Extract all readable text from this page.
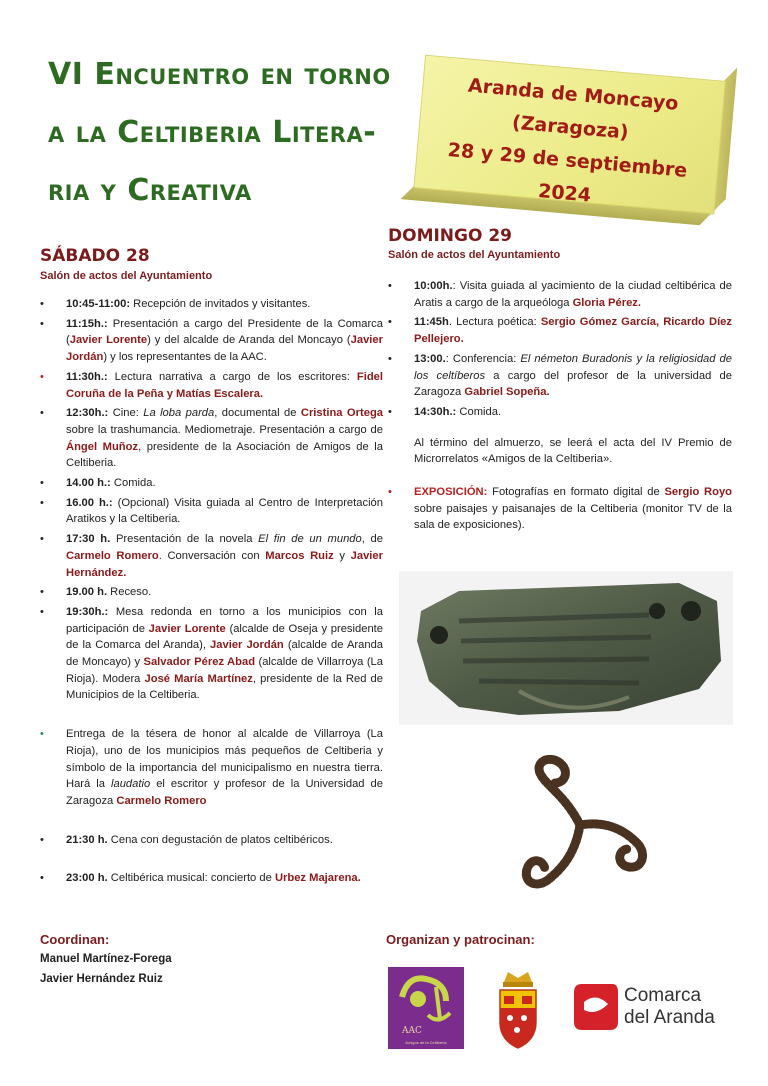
VI Encuentro en torno
a la Celtiberia Litera-
ria y Creativa
Aranda de Moncayo (Zaragoza)
28 y 29 de septiembre
2024
SÁBADO 28
Salón de actos del Ayuntamiento
• 10:45-11:00: Recepción de invitados y visitantes.
• 11:15h.: Presentación a cargo del Presidente de la Comarca (Javier Lorente) y del alcalde de Aranda del Moncayo (Javier Jordán) y los representantes de la AAC.
• 11:30h.: Lectura narrativa a cargo de los escritores: Fidel Coruña de la Peña y Matías Escalera.
• 12:30h.: Cine: La loba parda, documental de Cristina Ortega sobre la trashumancia. Mediometraje. Presentación a cargo de Ángel Muñoz, presidente de la Asociación de Amigos de la Celtiberia.
• 14.00 h.: Comida.
• 16.00 h.: (Opcional) Visita guiada al Centro de Interpretación Aratikos y la Celtiberia.
• 17:30 h. Presentación de la novela El fin de un mundo, de Carmelo Romero. Conversación con Marcos Ruiz y Javier Hernández.
• 19.00 h. Receso.
• 19:30h.: Mesa redonda en torno a los municipios con la participación de Javier Lorente (alcalde de Oseja y presidente de la Comarca del Aranda), Javier Jordán (alcalde de Aranda de Moncayo) y Salvador Pérez Abad (alcalde de Villarroya (La Rioja). Modera José María Martínez, presidente de la Red de Municipios de la Celtiberia.
• Entrega de la tésera de honor al alcalde de Villarroya (La Rioja), uno de los municipios más pequeños de Celtiberia y símbolo de la importancia del municipalismo en nuestra tierra. Hará la laudatio el escritor y profesor de la Universidad de Zaragoza Carmelo Romero
• 21:30 h. Cena con degustación de platos celtibéricos.
• 23:00 h. Celtibérica musical: concierto de Urbez Majarena.
DOMINGO 29
Salón de actos del Ayuntamiento
• 10:00h.: Visita guiada al yacimiento de la ciudad celtibérica de Aratis a cargo de la arqueóloga Gloria Pérez.
• 11:45h. Lectura poética: Sergio Gómez García, Ricardo Díez Pellejero.
• 13:00.: Conferencia: El németon Buradonis y la religiosidad de los celtíberos a cargo del profesor de la universidad de Zaragoza Gabriel Sopeña.
• 14:30h.: Comida.
Al término del almuerzo, se leerá el acta del IV Premio de Microrrelatos «Amigos de la Celtiberia».
• EXPOSICIÓN: Fotografías en formato digital de Sergio Royo sobre paisajes y paisanajes de la Celtiberia (monitor TV de la sala de exposiciones).
Coordinan:
Manuel Martínez-Forega
Javier Hernández Ruiz
Organizan y patrocinan:
AAC
Amigos de la Celtiberia
Comarca
del Aranda
